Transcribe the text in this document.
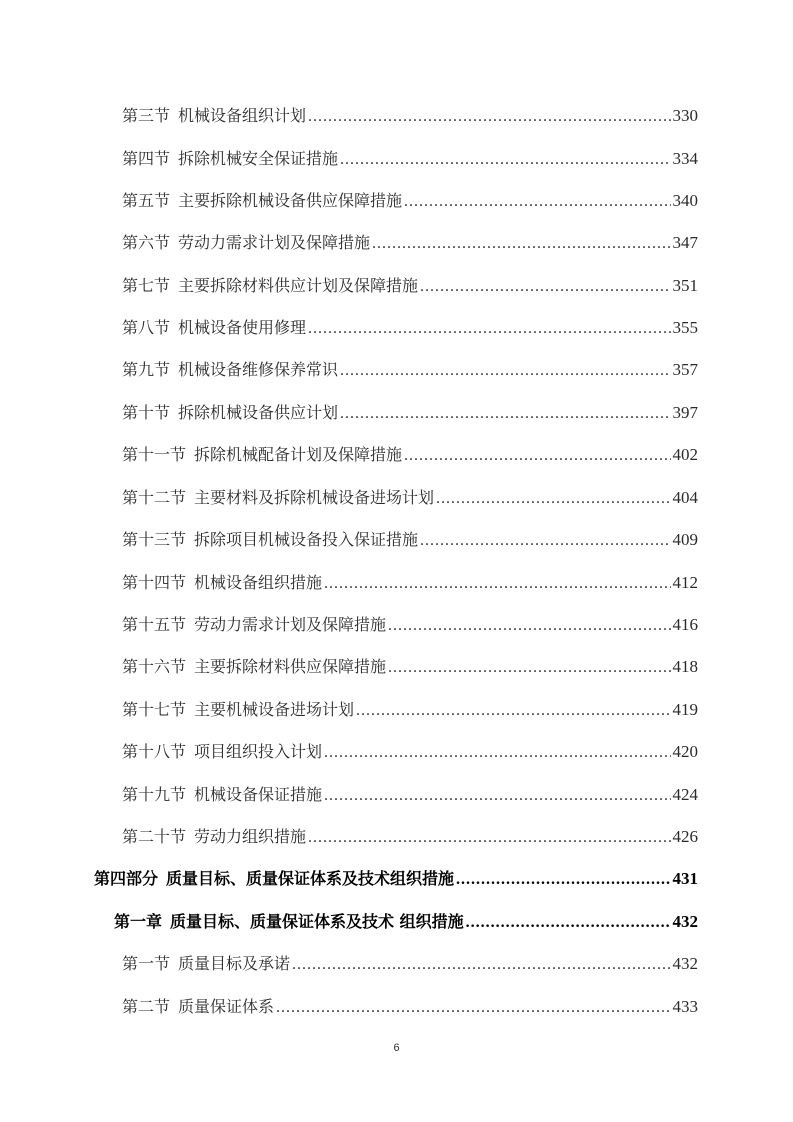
第三节 机械设备组织计划 .....	330
第四节 拆除机械安全保证措施 .....	334
第五节 主要拆除机械设备供应保障措施 .....	340
第六节 劳动力需求计划及保障措施 .....	347
第七节 主要拆除材料供应计划及保障措施 .....	351
第八节 机械设备使用修理 .....	355
第九节 机械设备维修保养常识 .....	357
第十节 拆除机械设备供应计划 .....	397
第十一节 拆除机械配备计划及保障措施 .....	402
第十二节 主要材料及拆除机械设备进场计划 .....	404
第十三节 拆除项目机械设备投入保证措施 .....	409
第十四节 机械设备组织措施 .....	412
第十五节 劳动力需求计划及保障措施 .....	416
第十六节 主要拆除材料供应保障措施 .....	418
第十七节 主要机械设备进场计划 .....	419
第十八节 项目组织投入计划 .....	420
第十九节 机械设备保证措施 .....	424
第二十节 劳动力组织措施 .....	426
第四部分 质量目标、质量保证体系及技术组织措施 .....	431
第一章 质量目标、质量保证体系及技术 组织措施 .....	432
第一节 质量目标及承诺 .....	432
第二节 质量保证体系 .....	433
6
